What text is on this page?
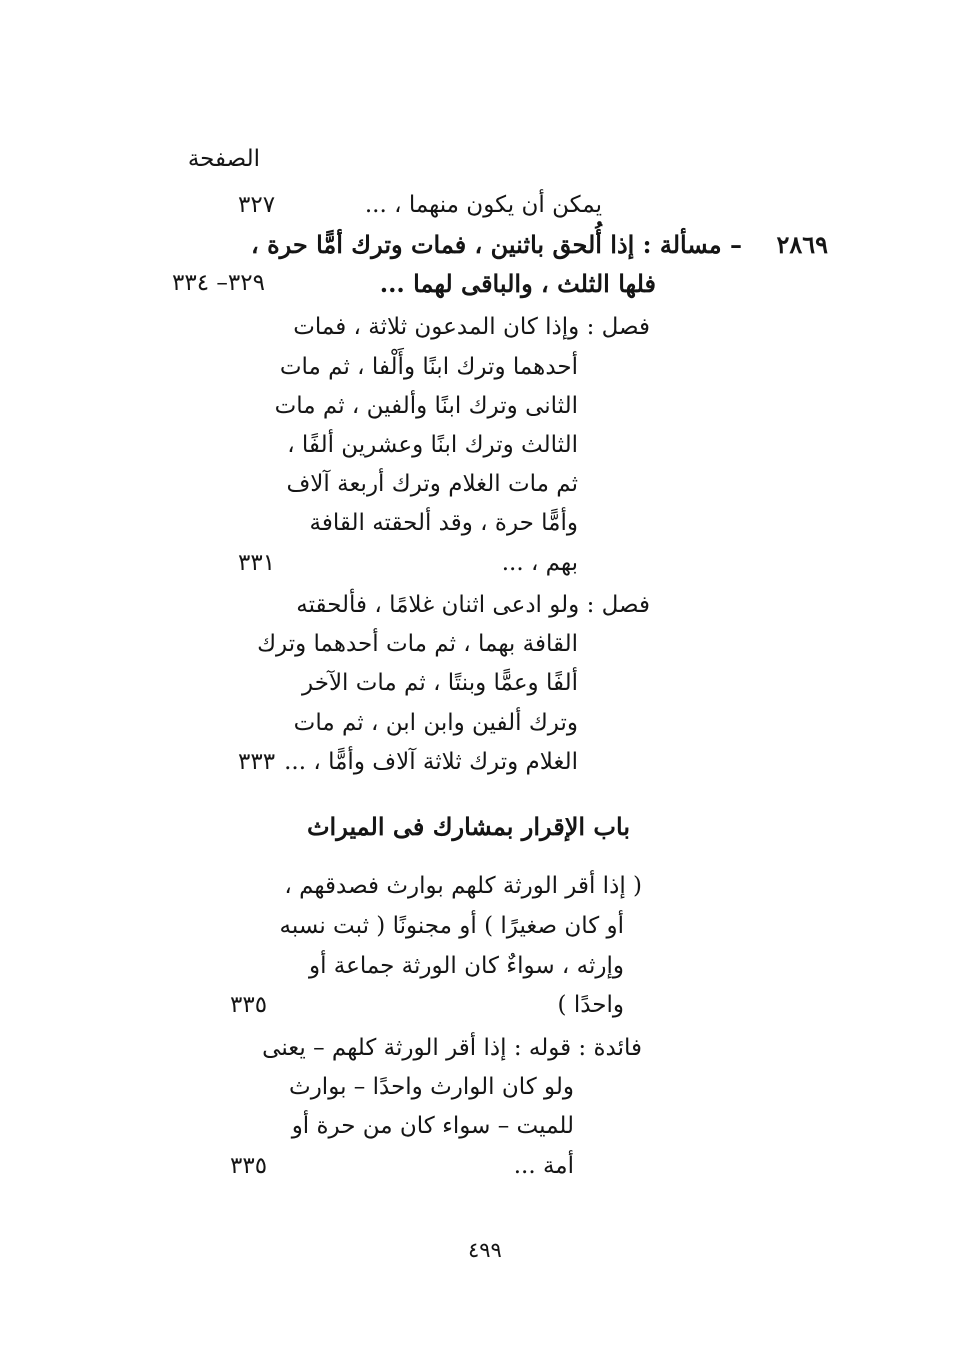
الصفحة
يمكن أن يكون منهما ، ...
٣٢٧
٢٨٦٩
– مسألة : إذا أُلحق باثنين ، فمات وترك أمًّا حرة ،
فلها الثلث ، والباقى لهما ...
٣٢٩– ٣٣٤
فصل : وإذا كان المدعون ثلاثة ، فمات
أحدهما وترك ابنًا وأَلْفا ، ثم مات
الثانى وترك ابنًا وألفين ، ثم مات
الثالث وترك ابنًا وعشرين ألفًا ،
ثم مات الغلام وترك أربعة آلاف
وأمًّا حرة ، وقد ألحقته القافة
بهم ، ...
٣٣١
فصل : ولو ادعى اثنان غلامًا ، فألحقته
القافة بهما ، ثم مات أحدهما وترك
ألفًا وعمًّا وبنتًا ، ثم مات الآخر
وترك ألفين وابن ابن ، ثم مات
الغلام وترك ثلاثة آلاف وأمًّا ، ...
٣٣٣
باب الإقرار بمشارك فى الميراث
( إذا أقر الورثة كلهم بوارث فصدقهم ،
أو كان صغيرًا ) أو مجنونًا ( ثبت نسبه
وإرثه ، سواءٌ كان الورثة جماعة أو
واحدًا )
٣٣٥
فائدة : قوله : إذا أقر الورثة كلهم – يعنى
ولو كان الوارث واحدًا – بوارث
للميت – سواء كان من حرة أو
أمة ...
٣٣٥
٤٩٩
